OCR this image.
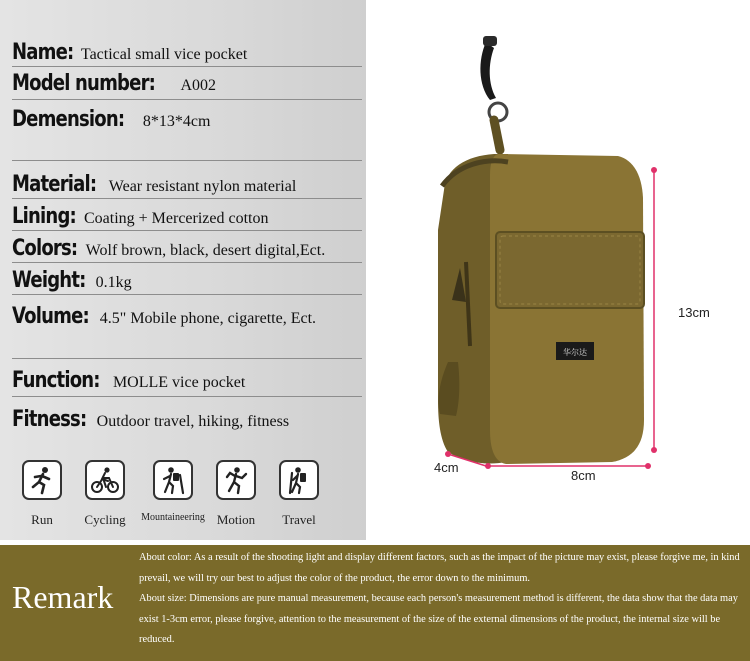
Name: Tactical small vice pocket
Model number: A002
Demension: 8*13*4cm
Material: Wear resistant nylon material
Lining: Coating + Mercerized cotton
Colors: Wolf brown, black, desert digital,Ect.
Weight: 0.1kg
Volume: 4.5" Mobile phone, cigarette, Ect.
Function: MOLLE vice pocket
Fitness: Outdoor travel, hiking, fitness
Run	Cycling	Mountaineering Motion	Travel
华尔达
13cm
4cm
8cm
Remark

About color: As a result of the shooting light and display different factors, such as the impact of the picture may exist, please forgive me, in kind prevail, we will try our best to adjust the color of the product, the error down to the minimum.

About size: Dimensions are pure manual measurement, because each person's measurement method is different, the data show that the data may exist 1-3cm error, please forgive, attention to the measurement of the size of the external dimensions of the product, the internal size will be reduced.
